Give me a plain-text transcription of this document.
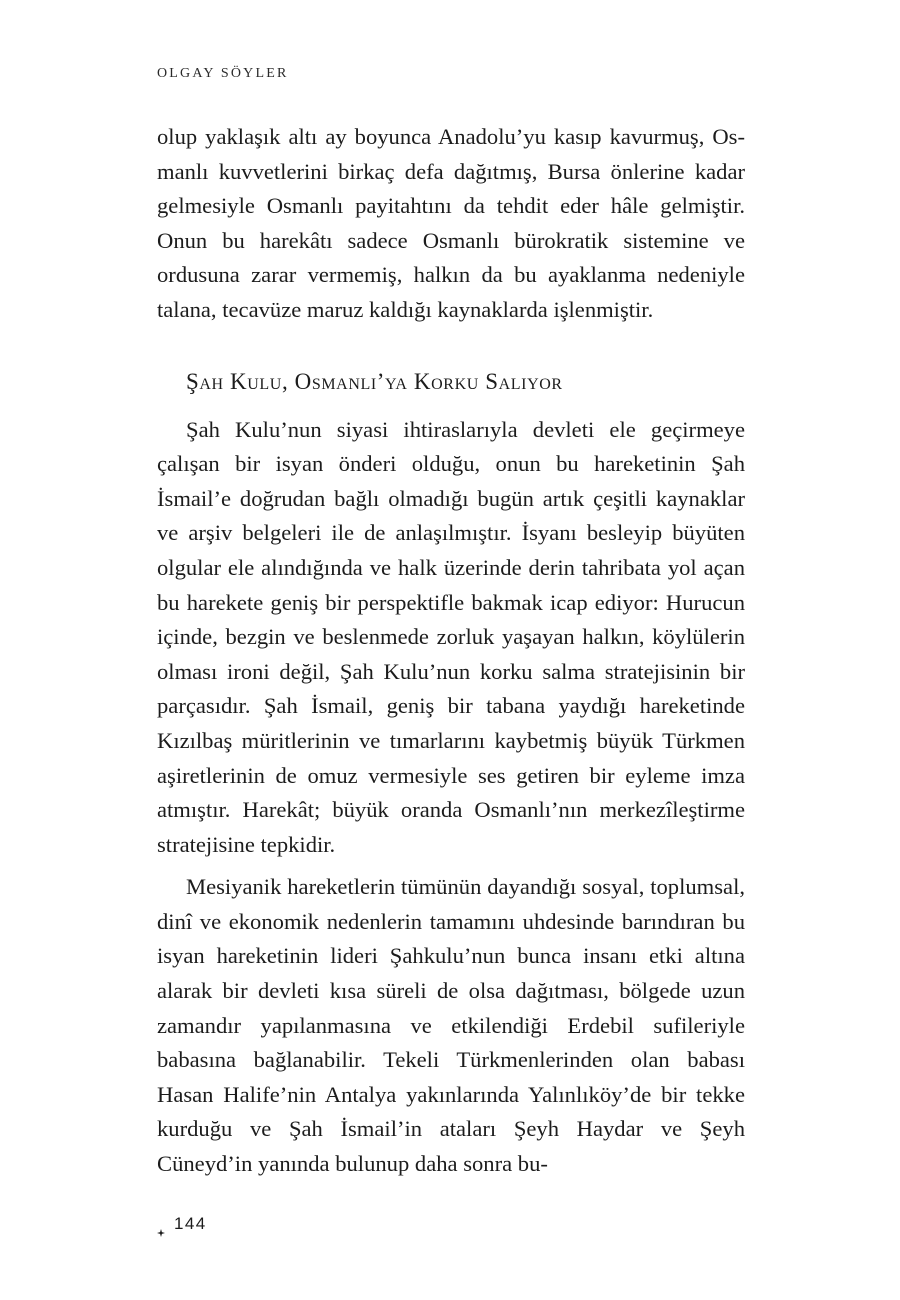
OLGAY SÖYLER

olup yaklaşık altı ay boyunca Anadolu’yu kasıp kavurmuş, Osmanlı kuvvetlerini birkaç defa dağıtmış, Bursa önlerine kadar gelmesiyle Osmanlı payitahtını da tehdit eder hâle gelmiştir. Onun bu harekâtı sadece Osmanlı bürokratik sistemine ve ordusuna zarar vermemiş, halkın da bu ayaklanma nedeniyle talana, tecavüze maruz kaldığı kaynaklarda işlenmiştir.

Şah Kulu, Osmanlı’ya Korku Salıyor

Şah Kulu’nun siyasi ihtiraslarıyla devleti ele geçirmeye çalışan bir isyan önderi olduğu, onun bu hareketinin Şah İsmail’e doğrudan bağlı olmadığı bugün artık çeşitli kaynaklar ve arşiv belgeleri ile de anlaşılmıştır. İsyanı besleyip büyüten olgular ele alındığında ve halk üzerinde derin tahribata yol açan bu harekete geniş bir perspektifle bakmak icap ediyor: Hurucun içinde, bezgin ve beslenmede zorluk yaşayan halkın, köylülerin olması ironi değil, Şah Kulu’nun korku salma stratejisinin bir parçasıdır. Şah İsmail, geniş bir tabana yaydığı hareketinde Kızılbaş müritlerinin ve tımarlarını kaybetmiş büyük Türkmen aşiretlerinin de omuz vermesiyle ses getiren bir eyleme imza atmıştır. Harekât; büyük oranda Osmanlı’nın merkezîleştirme stratejisine tepkidir.

Mesiyanik hareketlerin tümünün dayandığı sosyal, toplumsal, dinî ve ekonomik nedenlerin tamamını uhdesinde barındıran bu isyan hareketinin lideri Şahkulu’nun bunca insanı etki altına alarak bir devleti kısa süreli de olsa dağıtması, bölgede uzun zamandır yapılanmasına ve etkilendiği Erdebil sufileriyle babasına bağlanabilir. Tekeli Türkmenlerinden olan babası Hasan Halife’nin Antalya yakınlarında Yalınlıköy’de bir tekke kurduğu ve Şah İsmail’in ataları Şeyh Haydar ve Şeyh Cüneyd’in yanında bulunup daha sonra bu-

144
